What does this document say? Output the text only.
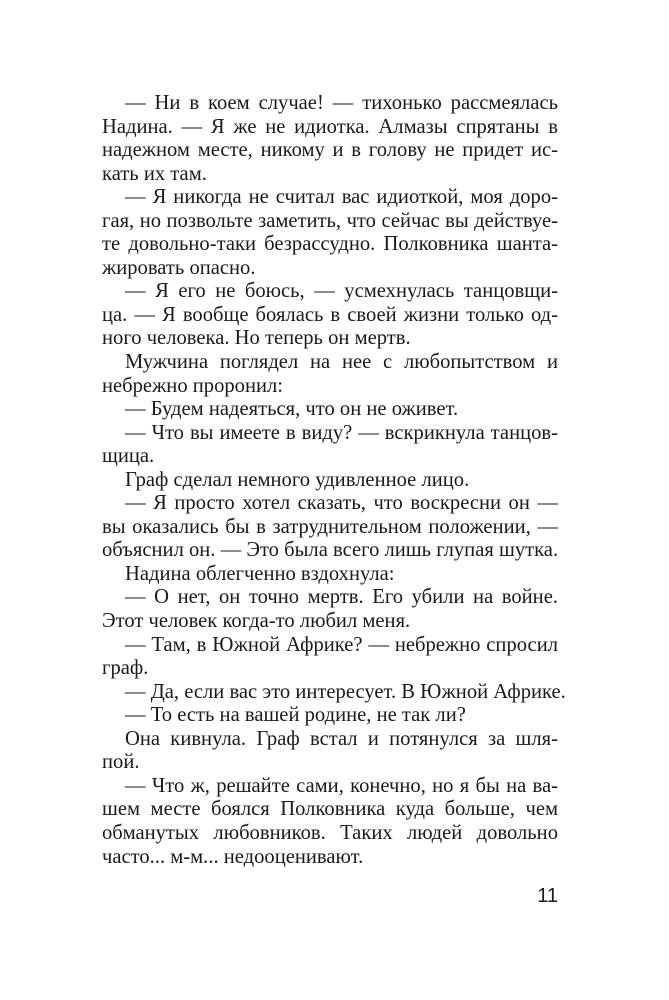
— Ни в коем случае! — тихонько рассмеялась
Надина. — Я же не идиотка. Алмазы спрятаны в
надежном месте, никому и в голову не придет ис-
кать их там.
— Я никогда не считал вас идиоткой, моя доро-
гая, но позвольте заметить, что сейчас вы действуе-
те довольно-таки безрассудно. Полковника шанта-
жировать опасно.
— Я его не боюсь, — усмехнулась танцовщи-
ца. — Я вообще боялась в своей жизни только од-
ного человека. Но теперь он мертв.
Мужчина поглядел на нее с любопытством и
небрежно проронил:
— Будем надеяться, что он не оживет.
— Что вы имеете в виду? — вскрикнула танцов-
щица.
Граф сделал немного удивленное лицо.
— Я просто хотел сказать, что воскресни он —
вы оказались бы в затруднительном положении, —
объяснил он. — Это была всего лишь глупая шутка.
Надина облегченно вздохнула:
— О нет, он точно мертв. Его убили на войне.
Этот человек когда-то любил меня.
— Там, в Южной Африке? — небрежно спросил
граф.
— Да, если вас это интересует. В Южной Африке.
— То есть на вашей родине, не так ли?
Она кивнула. Граф встал и потянулся за шля-
пой.
— Что ж, решайте сами, конечно, но я бы на ва-
шем месте боялся Полковника куда больше, чем
обманутых любовников. Таких людей довольно
часто... м-м... недооценивают.
11
